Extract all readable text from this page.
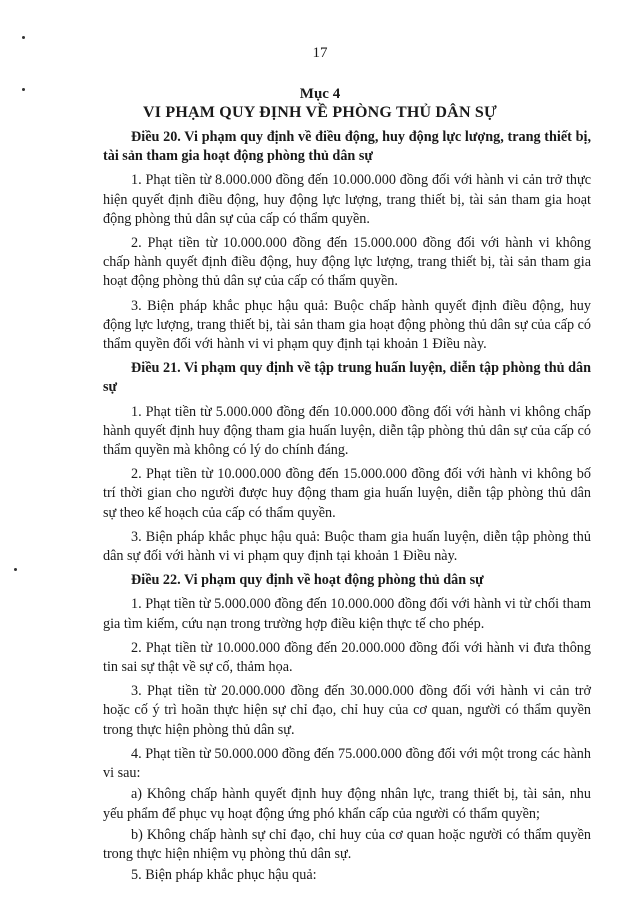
17
Mục 4
VI PHẠM QUY ĐỊNH VỀ PHÒNG THỦ DÂN SỰ

Điều 20. Vi phạm quy định về điều động, huy động lực lượng, trang thiết bị, tài sản tham gia hoạt động phòng thủ dân sự

1. Phạt tiền từ 8.000.000 đồng đến 10.000.000 đồng đối với hành vi cản trở thực hiện quyết định điều động, huy động lực lượng, trang thiết bị, tài sản tham gia hoạt động phòng thủ dân sự của cấp có thẩm quyền.

2. Phạt tiền từ 10.000.000 đồng đến 15.000.000 đồng đối với hành vi không chấp hành quyết định điều động, huy động lực lượng, trang thiết bị, tài sản tham gia hoạt động phòng thủ dân sự của cấp có thẩm quyền.

3. Biện pháp khắc phục hậu quả: Buộc chấp hành quyết định điều động, huy động lực lượng, trang thiết bị, tài sản tham gia hoạt động phòng thủ dân sự của cấp có thẩm quyền đối với hành vi vi phạm quy định tại khoản 1 Điều này.

Điều 21. Vi phạm quy định về tập trung huấn luyện, diễn tập phòng thủ dân sự

1. Phạt tiền từ 5.000.000 đồng đến 10.000.000 đồng đối với hành vi không chấp hành quyết định huy động tham gia huấn luyện, diễn tập phòng thủ dân sự của cấp có thẩm quyền mà không có lý do chính đáng.

2. Phạt tiền từ 10.000.000 đồng đến 15.000.000 đồng đối với hành vi không bố trí thời gian cho người được huy động tham gia huấn luyện, diễn tập phòng thủ dân sự theo kế hoạch của cấp có thẩm quyền.

3. Biện pháp khắc phục hậu quả: Buộc tham gia huấn luyện, diễn tập phòng thủ dân sự đối với hành vi vi phạm quy định tại khoản 1 Điều này.

Điều 22. Vi phạm quy định về hoạt động phòng thủ dân sự

1. Phạt tiền từ 5.000.000 đồng đến 10.000.000 đồng đối với hành vi từ chối tham gia tìm kiếm, cứu nạn trong trường hợp điều kiện thực tế cho phép.

2. Phạt tiền từ 10.000.000 đồng đến 20.000.000 đồng đối với hành vi đưa thông tin sai sự thật về sự cố, thảm họa.

3. Phạt tiền từ 20.000.000 đồng đến 30.000.000 đồng đối với hành vi cản trở hoặc cố ý trì hoãn thực hiện sự chỉ đạo, chỉ huy của cơ quan, người có thẩm quyền trong thực hiện phòng thủ dân sự.

4. Phạt tiền từ 50.000.000 đồng đến 75.000.000 đồng đối với một trong các hành vi sau:

a) Không chấp hành quyết định huy động nhân lực, trang thiết bị, tài sản, nhu yếu phẩm để phục vụ hoạt động ứng phó khẩn cấp của người có thẩm quyền;

b) Không chấp hành sự chỉ đạo, chỉ huy của cơ quan hoặc người có thẩm quyền trong thực hiện nhiệm vụ phòng thủ dân sự.

5. Biện pháp khắc phục hậu quả:
